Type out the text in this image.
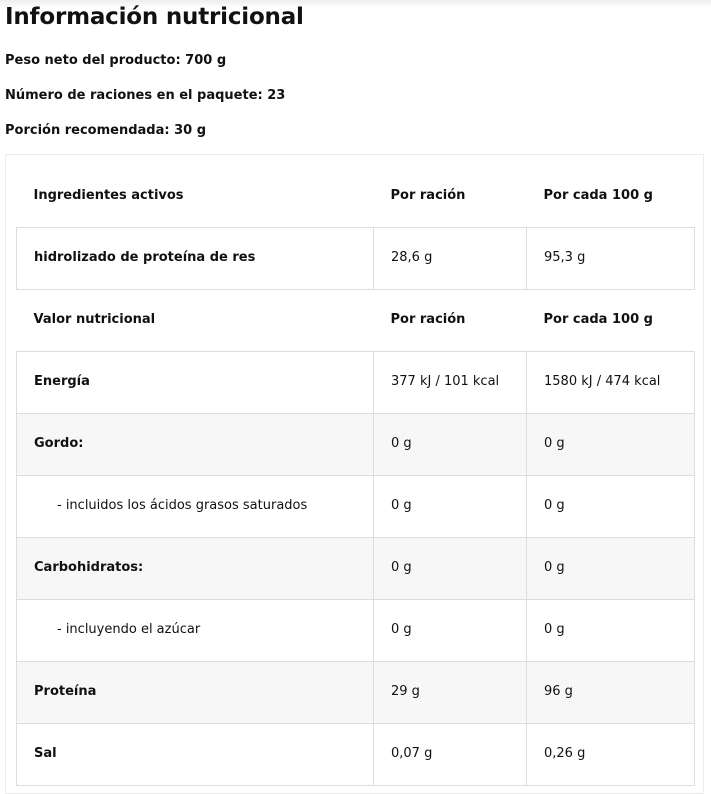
Información nutricional

Peso neto del producto: 700 g

Número de raciones en el paquete: 23

Porción recomendada: 30 g

Ingredientes activos	Por ración	Por cada 100 g
hidrolizado de proteína de res	28,6 g	95,3 g
Valor nutricional	Por ración	Por cada 100 g
Energía	377 kJ / 101 kcal	1580 kJ / 474 kcal
Gordo:	0 g	0 g
- incluidos los ácidos grasos saturados	0 g	0 g
Carbohidratos:	0 g	0 g
- incluyendo el azúcar	0 g	0 g
Proteína	29 g	96 g
Sal	0,07 g	0,26 g
